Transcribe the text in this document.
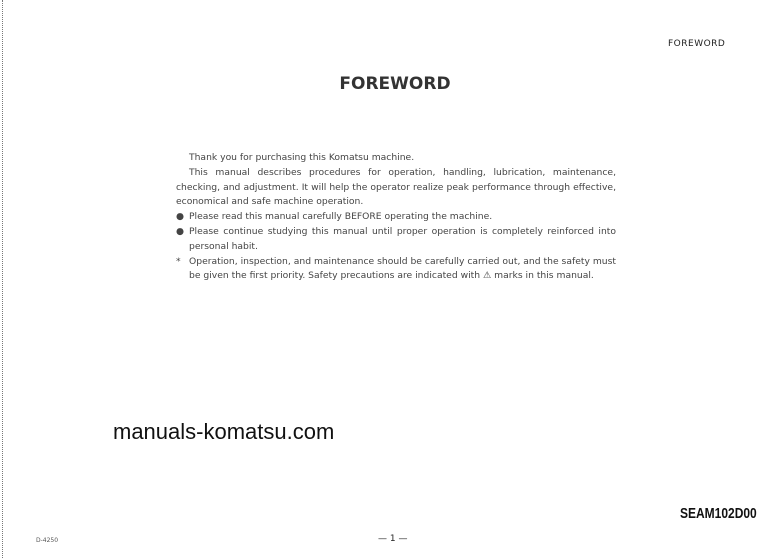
FOREWORD
FOREWORD

Thank you for purchasing this Komatsu machine.

This manual describes procedures for operation, handling, lubrication, maintenance, checking, and adjustment. It will help the operator realize peak performance through effective, economical and safe machine operation.

● Please read this manual carefully BEFORE operating the machine.

● Please continue studying this manual until proper operation is completely reinforced into personal habit.

* Operation, inspection, and maintenance should be carefully carried out, and the safety must be given the first priority. Safety precautions are indicated with ⚠ marks in this manual.

manuals-komatsu.com
SEAM102D00
D-4250	— 1 —
